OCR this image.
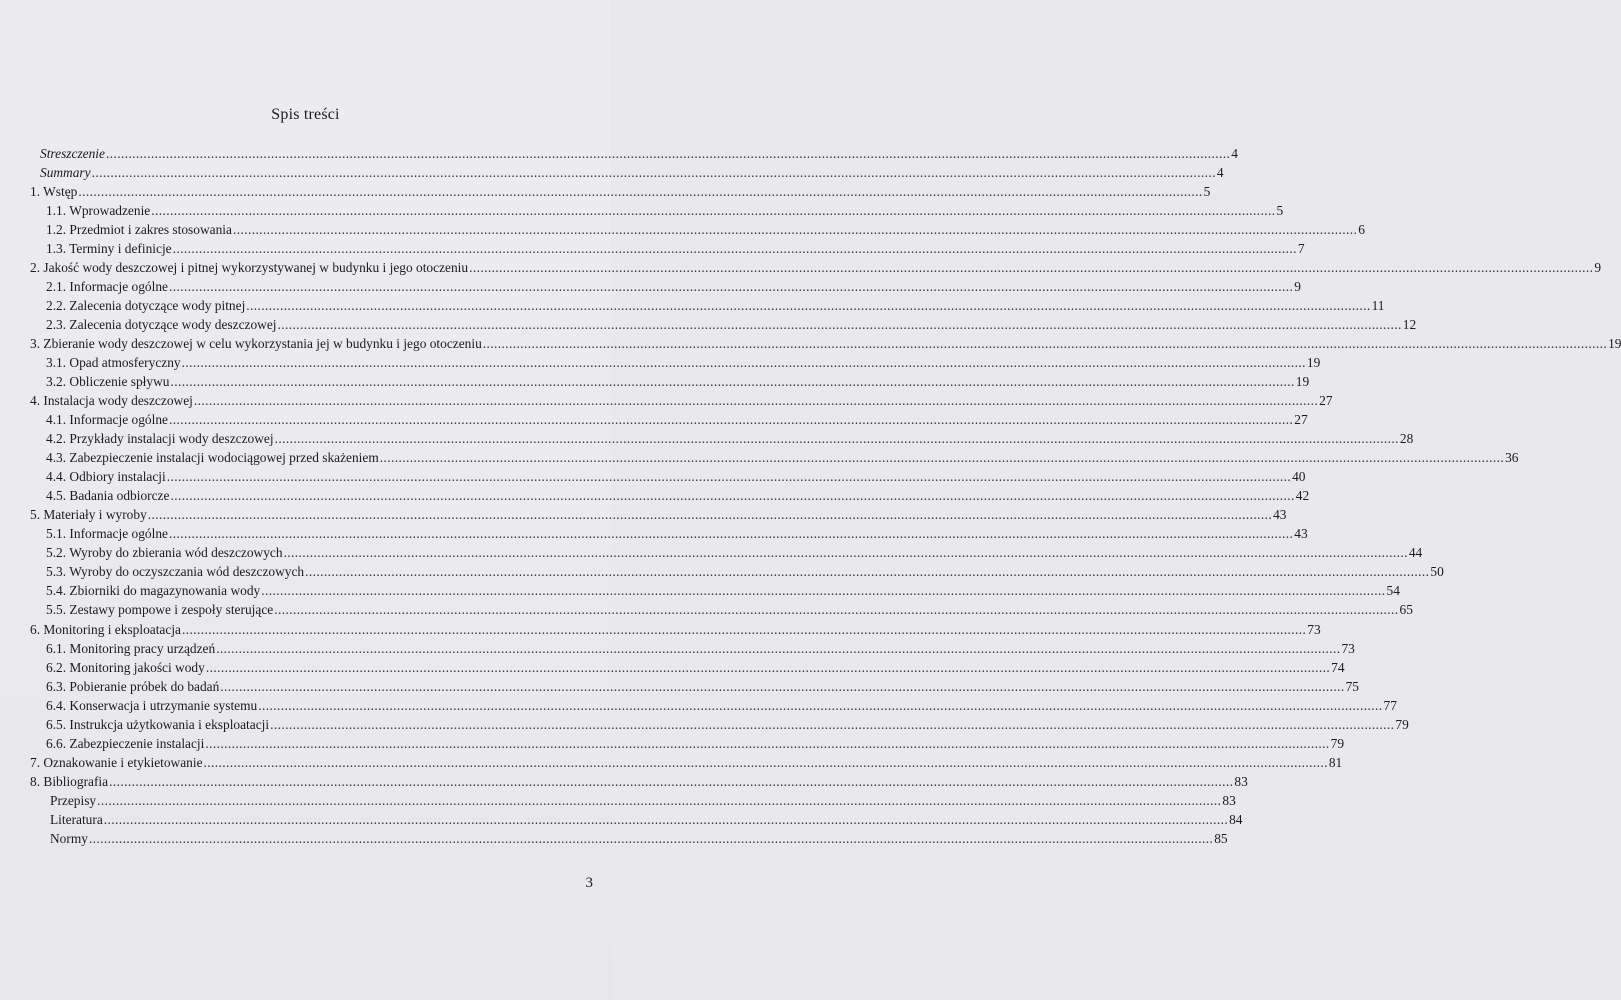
Spis treści
Streszczenie ............................................................................................................................................................................................................................................................................................................ 4
Summary ............................................................................................................................................................................................................................................................................................................ 4
1. Wstęp ............................................................................................................................................................................................................................................................................................................ 5
1.1. Wprowadzenie ............................................................................................................................................................................................................................................................................................................ 5
1.2. Przedmiot i zakres stosowania ............................................................................................................................................................................................................................................................................................................ 6
1.3. Terminy i definicje ............................................................................................................................................................................................................................................................................................................ 7
2. Jakość wody deszczowej i pitnej wykorzystywanej w budynku i jego otoczeniu ............................................................................................................................................................................................................................................................................................................ 9
2.1. Informacje ogólne ............................................................................................................................................................................................................................................................................................................ 9
2.2. Zalecenia dotyczące wody pitnej ............................................................................................................................................................................................................................................................................................................ 11
2.3. Zalecenia dotyczące wody deszczowej ............................................................................................................................................................................................................................................................................................................ 12
3. Zbieranie wody deszczowej w celu wykorzystania jej w budynku i jego otoczeniu ............................................................................................................................................................................................................................................................................................................ 19
3.1. Opad atmosferyczny ............................................................................................................................................................................................................................................................................................................ 19
3.2. Obliczenie spływu ............................................................................................................................................................................................................................................................................................................ 19
4. Instalacja wody deszczowej ............................................................................................................................................................................................................................................................................................................ 27
4.1. Informacje ogólne ............................................................................................................................................................................................................................................................................................................ 27
4.2. Przykłady instalacji wody deszczowej ............................................................................................................................................................................................................................................................................................................ 28
4.3. Zabezpieczenie instalacji wodociągowej przed skażeniem ............................................................................................................................................................................................................................................................................................................ 36
4.4. Odbiory instalacji ............................................................................................................................................................................................................................................................................................................ 40
4.5. Badania odbiorcze ............................................................................................................................................................................................................................................................................................................ 42
5. Materiały i wyroby ............................................................................................................................................................................................................................................................................................................ 43
5.1. Informacje ogólne ............................................................................................................................................................................................................................................................................................................ 43
5.2. Wyroby do zbierania wód deszczowych ............................................................................................................................................................................................................................................................................................................ 44
5.3. Wyroby do oczyszczania wód deszczowych ............................................................................................................................................................................................................................................................................................................ 50
5.4. Zbiorniki do magazynowania wody ............................................................................................................................................................................................................................................................................................................ 54
5.5. Zestawy pompowe i zespoły sterujące ............................................................................................................................................................................................................................................................................................................ 65
6. Monitoring i eksploatacja ............................................................................................................................................................................................................................................................................................................ 73
6.1. Monitoring pracy urządzeń ............................................................................................................................................................................................................................................................................................................ 73
6.2. Monitoring jakości wody ............................................................................................................................................................................................................................................................................................................ 74
6.3. Pobieranie próbek do badań ............................................................................................................................................................................................................................................................................................................ 75
6.4. Konserwacja i utrzymanie systemu ............................................................................................................................................................................................................................................................................................................ 77
6.5. Instrukcja użytkowania i eksploatacji ............................................................................................................................................................................................................................................................................................................ 79
6.6. Zabezpieczenie instalacji ............................................................................................................................................................................................................................................................................................................ 79
7. Oznakowanie i etykietowanie ............................................................................................................................................................................................................................................................................................................ 81
8. Bibliografia ............................................................................................................................................................................................................................................................................................................ 83
Przepisy ............................................................................................................................................................................................................................................................................................................ 83
Literatura ............................................................................................................................................................................................................................................................................................................ 84
Normy ............................................................................................................................................................................................................................................................................................................ 85
3
